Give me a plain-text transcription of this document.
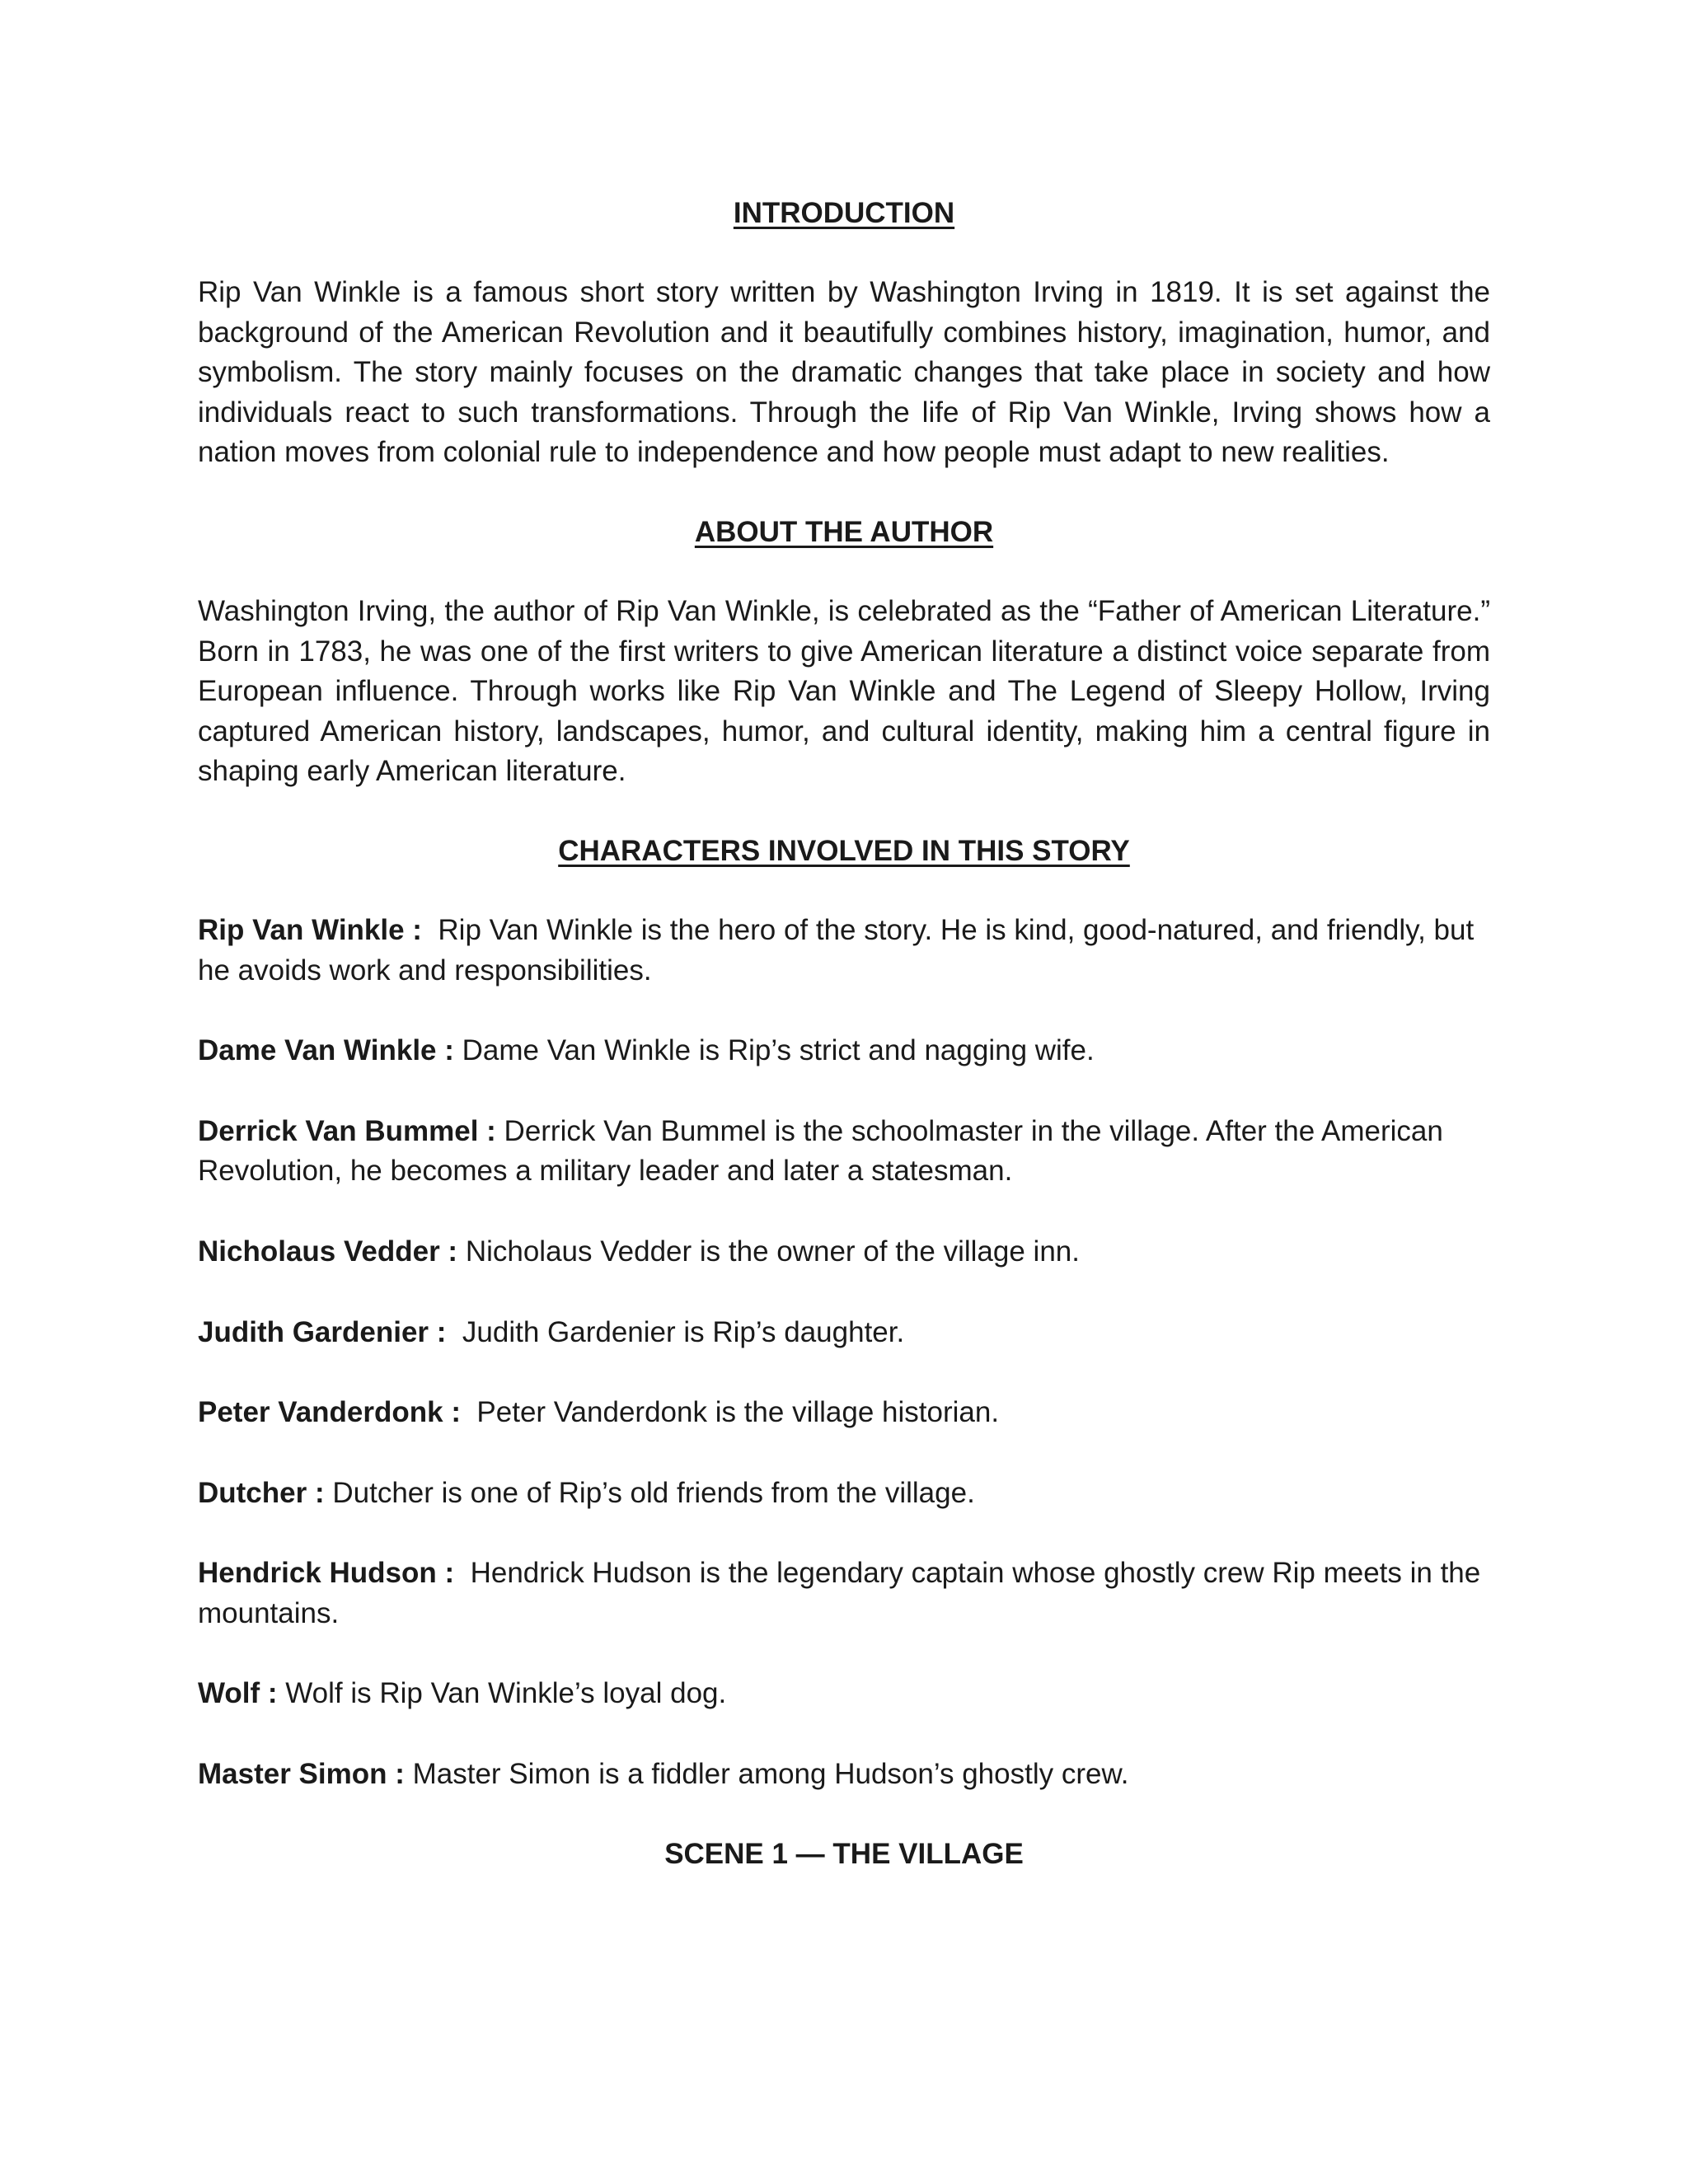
INTRODUCTION

Rip Van Winkle is a famous short story written by Washington Irving in 1819. It is set against the background of the American Revolution and it beautifully combines history, imagination, humor, and symbolism. The story mainly focuses on the dramatic changes that take place in society and how individuals react to such transformations. Through the life of Rip Van Winkle, Irving shows how a nation moves from colonial rule to independence and how people must adapt to new realities.

ABOUT THE AUTHOR

Washington Irving, the author of Rip Van Winkle, is celebrated as the “Father of American Literature.” Born in 1783, he was one of the first writers to give American literature a distinct voice separate from European influence. Through works like Rip Van Winkle and The Legend of Sleepy Hollow, Irving captured American history, landscapes, humor, and cultural identity, making him a central figure in shaping early American literature.

CHARACTERS INVOLVED IN THIS STORY

Rip Van Winkle :  Rip Van Winkle is the hero of the story. He is kind, good-natured, and friendly, but he avoids work and responsibilities.

Dame Van Winkle : Dame Van Winkle is Rip’s strict and nagging wife.

Derrick Van Bummel : Derrick Van Bummel is the schoolmaster in the village. After the American Revolution, he becomes a military leader and later a statesman.

Nicholaus Vedder : Nicholaus Vedder is the owner of the village inn.

Judith Gardenier :  Judith Gardenier is Rip’s daughter.

Peter Vanderdonk :  Peter Vanderdonk is the village historian.

Dutcher : Dutcher is one of Rip’s old friends from the village.

Hendrick Hudson :  Hendrick Hudson is the legendary captain whose ghostly crew Rip meets in the mountains.

Wolf : Wolf is Rip Van Winkle’s loyal dog.

Master Simon : Master Simon is a fiddler among Hudson’s ghostly crew.

SCENE 1 — THE VILLAGE
